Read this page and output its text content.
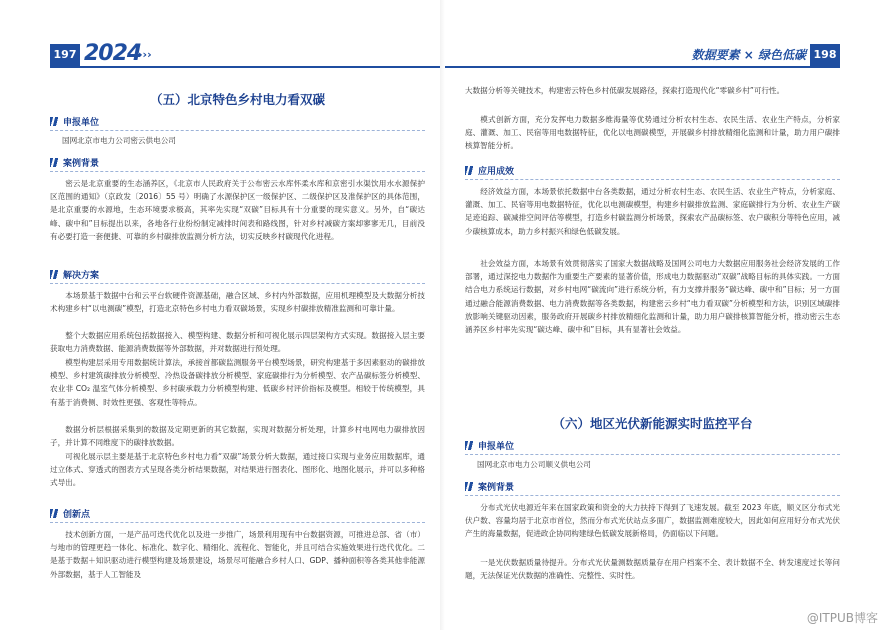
197 2024
›››
（五）北京特色乡村电力看双碳
申报单位

国网北京市电力公司密云供电公司

案例背景

密云是北京重要的生态涵养区，《北京市人民政府关于公布密云水库怀柔水库和京密引水渠饮用水水源保护区范围的通知》（京政发〔2016〕55 号）明确了水源保护区一级保护区、二级保护区及准保护区的具体范围，是北京重要的水源地，生态环境要求极高，其率先实现“双碳”目标具有十分重要的现实意义。另外，自“碳达峰、碳中和”目标提出以来，各地各行业纷纷制定减排时间表和路线图，针对乡村减碳方案却寥寥无几，目前没有必要打造一套便捷、可靠的乡村碳排放监测分析方法，切实反映乡村碳现代化进程。

解决方案

本场景基于数据中台和云平台软硬件资源基础，融合区域、乡村内外部数据，应用机理模型及大数据分析技术构建乡村“以电测碳”模型，打造北京特色乡村电力看双碳场景，实现乡村碳排放精准监测和可靠计量。

整个大数据应用系统包括数据接入、模型构建、数据分析和可视化展示四层架构方式实现。数据接入层主要获取电力消费数据、能源消费数据等外部数据，并对数据进行预处理。

模型构建层采用专用数据统计算法，承接首都碳监测服务平台模型场景，研究构建基于多因素驱动的碳排放模型、乡村建筑碳排放分析模型、冷热设备碳排放分析模型、家庭碳排行为分析模型、农产品碳标签分析模型、农业非 CO₂ 温室气体分析模型、乡村碳承载力分析模型构建、低碳乡村评价指标及模型。相较于传统模型，具有基于消费侧、时效性更强、客观性等特点。

数据分析层根据采集到的数据及定期更新的其它数据，实现对数据分析处理，计算乡村电网电力碳排放因子，并计算不同维度下的碳排放数据。

可视化展示层主要是基于北京特色乡村电力看“双碳”场景分析大数据，通过接口实现与业务应用数据库，通过立体式、穿透式的图表方式呈现各类分析结果数据，对结果进行图表化、图形化、地图化展示，并可以多种格式导出。

创新点

技术创新方面，一是产品可迭代优化以及进一步推广，场景利用现有中台数据资源，可推进总部、省（市）与地市的管理更趋一体化、标准化、数字化、精细化、流程化、智能化，并且可结合实施效果进行迭代优化。二是基于数据＋知识驱动进行模型构建及场景建设，场景尽可能融合乡村人口、GDP、播种面积等各类其他非能源外部数据，基于人工智能及

数据要素 × 绿色低碳 198

大数据分析等关键技术，构建密云特色乡村低碳发展路径，探索打造现代化“零碳乡村”可行性。

模式创新方面，充分发挥电力数据多维海量等优势通过分析农村生态、农民生活、农业生产特点，分析家庭、灌溉、加工、民宿等用电数据特征，优化以电测碳模型，开展碳乡村排放精细化监测和计量，助力用户碳排核算智能分析。

应用成效

经济效益方面，本场景依托数据中台各类数据，通过分析农村生态、农民生活、农业生产特点，分析家庭、灌溉、加工、民宿等用电数据特征，优化以电测碳模型，构建乡村碳排放监测、家庭碳排行为分析、农业生产碳足迹追踪、碳减排空间评估等模型，打造乡村碳监测分析场景，探索农产品碳标签、农户碳积分等特色应用，减少碳核算成本，助力乡村振兴和绿色低碳发展。

社会效益方面，本场景有效贯彻落实了国家大数据战略及国网公司电力大数据应用服务社会经济发展的工作部署，通过深挖电力数据作为重要生产要素的显著价值，形成电力数据驱动“双碳”战略目标的具体实践。一方面结合电力系统运行数据，对乡村电网“碳流向”进行系统分析，有力支撑并服务“碳达峰、碳中和”目标；另一方面通过融合能源消费数据、电力消费数据等各类数据，构建密云乡村“电力看双碳”分析模型和方法，识别区域碳排放影响关键驱动因素，服务政府开展碳乡村排放精细化监测和计量，助力用户碳排核算智能分析，推动密云生态涵养区乡村率先实现“碳达峰、碳中和”目标，具有显著社会效益。

（六）地区光伏新能源实时监控平台
申报单位

国网北京市电力公司顺义供电公司

案例背景

分布式光伏电源近年来在国家政策和资金的大力扶持下得到了飞速发展。截至 2023 年底，顺义区分布式光伏户数、容量均居于北京市首位，然而分布式光伏站点多面广，数据监测难度较大，因此如何应用好分布式光伏产生的海量数据，促进政企协同构建绿色低碳发展新格局，仍面临以下问题。

一是光伏数据质量待提升。分布式光伏量测数据质量存在用户档案不全、表计数据不全、转发速度过长等问题，无法保证光伏数据的准确性、完整性、实时性。

@ITPUB博客
